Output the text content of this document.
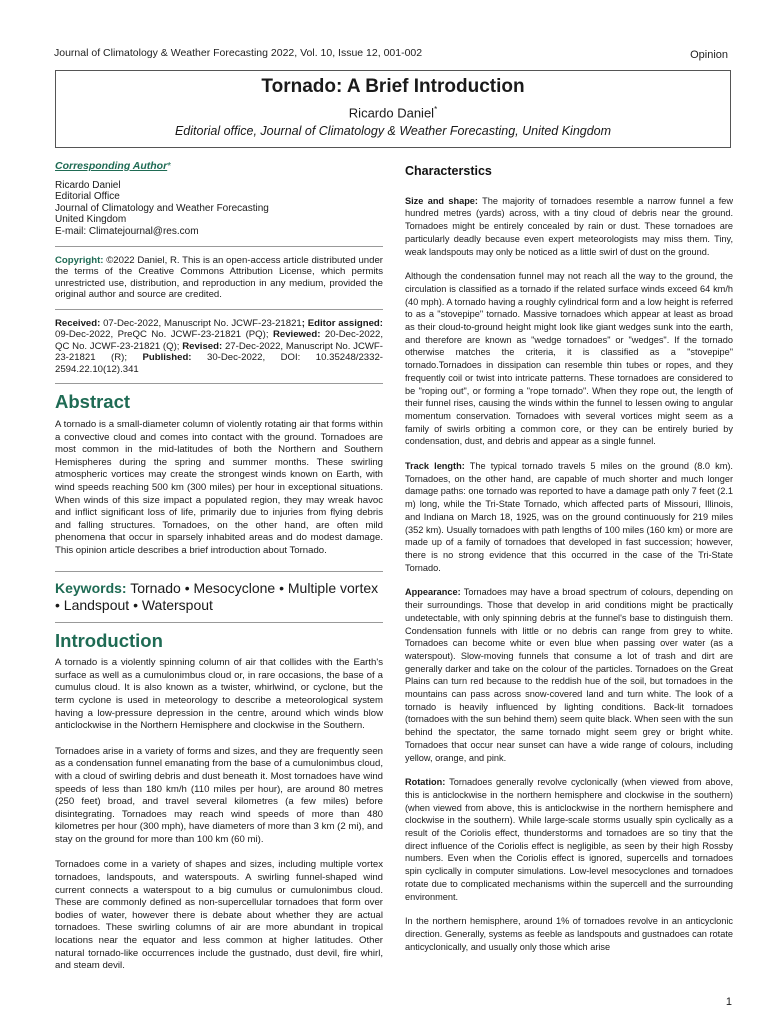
Journal of Climatology & Weather Forecasting 2022, Vol. 10, Issue 12, 001-002	Opinion
Tornado: A Brief Introduction
Ricardo Daniel*
Editorial office, Journal of Climatology & Weather Forecasting, United Kingdom
Corresponding Author*
Ricardo Daniel
Editorial Office
Journal of Climatology and Weather Forecasting
United Kingdom
E-mail: Climatejournal@res.com
Copyright: ©2022 Daniel, R. This is an open-access article distributed under the terms of the Creative Commons Attribution License, which permits unrestricted use, distribution, and reproduction in any medium, provided the original author and source are credited.
Received: 07-Dec-2022, Manuscript No. JCWF-23-21821; Editor assigned: 09-Dec-2022, PreQC No. JCWF-23-21821 (PQ); Reviewed: 20-Dec-2022, QC No. JCWF-23-21821 (Q); Revised: 27-Dec-2022, Manuscript No. JCWF-23-21821 (R); Published: 30-Dec-2022, DOI: 10.35248/2332-2594.22.10(12).341
Abstract

A tornado is a small-diameter column of violently rotating air that forms within a convective cloud and comes into contact with the ground. Tornadoes are most common in the mid-latitudes of both the Northern and Southern Hemispheres during the spring and summer months. These swirling atmospheric vortices may create the strongest winds known on Earth, with wind speeds reaching 500 km (300 miles) per hour in exceptional situations. When winds of this size impact a populated region, they may wreak havoc and inflict significant loss of life, primarily due to injuries from flying debris and falling structures. Tornadoes, on the other hand, are often mild phenomena that occur in sparsely inhabited areas and do modest damage. This opinion article describes a brief introduction about Tornado.

Keywords: Tornado • Mesocyclone • Multiple vortex • Landspout • Waterspout
Introduction

A tornado is a violently spinning column of air that collides with the Earth's surface as well as a cumulonimbus cloud or, in rare occasions, the base of a cumulus cloud. It is also known as a twister, whirlwind, or cyclone, but the term cyclone is used in meteorology to describe a meteorological system having a low-pressure depression in the centre, around which winds blow anticlockwise in the Northern Hemisphere and clockwise in the Southern.

Tornadoes arise in a variety of forms and sizes, and they are frequently seen as a condensation funnel emanating from the base of a cumulonimbus cloud, with a cloud of swirling debris and dust beneath it. Most tornadoes have wind speeds of less than 180 km/h (110 miles per hour), are around 80 metres (250 feet) broad, and travel several kilometres (a few miles) before disintegrating. Tornadoes may reach wind speeds of more than 480 kilometres per hour (300 mph), have diameters of more than 3 km (2 mi), and stay on the ground for more than 100 km (60 mi).

Tornadoes come in a variety of shapes and sizes, including multiple vortex tornadoes, landspouts, and waterspouts. A swirling funnel-shaped wind current connects a waterspout to a big cumulus or cumulonimbus cloud. These are commonly defined as non-supercellular tornadoes that form over bodies of water, however there is debate about whether they are actual tornadoes. These swirling columns of air are more abundant in tropical locations near the equator and less common at higher latitudes. Other natural tornado-like occurrences include the gustnado, dust devil, fire whirl, and steam devil.

Characterstics

Size and shape: The majority of tornadoes resemble a narrow funnel a few hundred metres (yards) across, with a tiny cloud of debris near the ground. Tornadoes might be entirely concealed by rain or dust. These tornadoes are particularly deadly because even expert meteorologists may miss them. Tiny, weak landspouts may only be noticed as a little swirl of dust on the ground.

Although the condensation funnel may not reach all the way to the ground, the circulation is classified as a tornado if the related surface winds exceed 64 km/h (40 mph). A tornado having a roughly cylindrical form and a low height is referred to as a "stovepipe" tornado. Massive tornadoes which appear at least as broad as their cloud-to-ground height might look like giant wedges sunk into the earth, and therefore are known as "wedge tornadoes" or "wedges". If the tornado otherwise matches the criteria, it is classified as a "stovepipe" tornado.Tornadoes in dissipation can resemble thin tubes or ropes, and they frequently coil or twist into intricate patterns. These tornadoes are considered to be "roping out", or forming a "rope tornado". When they rope out, the length of their funnel rises, causing the winds within the funnel to lessen owing to angular momentum conservation. Tornadoes with several vortices might seem as a family of swirls orbiting a common core, or they can be entirely buried by condensation, dust, and debris and appear as a single funnel.

Track length: The typical tornado travels 5 miles on the ground (8.0 km). Tornadoes, on the other hand, are capable of much shorter and much longer damage paths: one tornado was reported to have a damage path only 7 feet (2.1 m) long, while the Tri-State Tornado, which affected parts of Missouri, Illinois, and Indiana on March 18, 1925, was on the ground continuously for 219 miles (352 km). Usually tornadoes with path lengths of 100 miles (160 km) or more are made up of a family of tornadoes that developed in fast succession; however, there is no strong evidence that this occurred in the case of the Tri-State Tornado.

Appearance: Tornadoes may have a broad spectrum of colours, depending on their surroundings. Those that develop in arid conditions might be practically undetectable, with only spinning debris at the funnel's base to distinguish them. Condensation funnels with little or no debris can range from grey to white. Tornadoes can become white or even blue when passing over water (as a waterspout). Slow-moving funnels that consume a lot of trash and dirt are generally darker and take on the colour of the particles. Tornadoes on the Great Plains can turn red because to the reddish hue of the soil, but tornadoes in the mountains can pass across snow-covered land and turn white. The look of a tornado is heavily influenced by lighting conditions. Back-lit tornadoes (tornadoes with the sun behind them) seem quite black. When seen with the sun behind the spectator, the same tornado might seem grey or bright white. Tornadoes that occur near sunset can have a wide range of colours, including yellow, orange, and pink.

Rotation: Tornadoes generally revolve cyclonically (when viewed from above, this is anticlockwise in the northern hemisphere and clockwise in the southern) (when viewed from above, this is anticlockwise in the northern hemisphere and clockwise in the southern). While large-scale storms usually spin cyclically as a result of the Coriolis effect, thunderstorms and tornadoes are so tiny that the direct influence of the Coriolis effect is negligible, as seen by their high Rossby numbers. Even when the Coriolis effect is ignored, supercells and tornadoes spin cyclically in computer simulations. Low-level mesocyclones and tornadoes rotate due to complicated mechanisms within the supercell and the surrounding environment.

In the northern hemisphere, around 1% of tornadoes revolve in an anticyclonic direction. Generally, systems as feeble as landspouts and gustnadoes can rotate anticyclonically, and usually only those which arise

1
